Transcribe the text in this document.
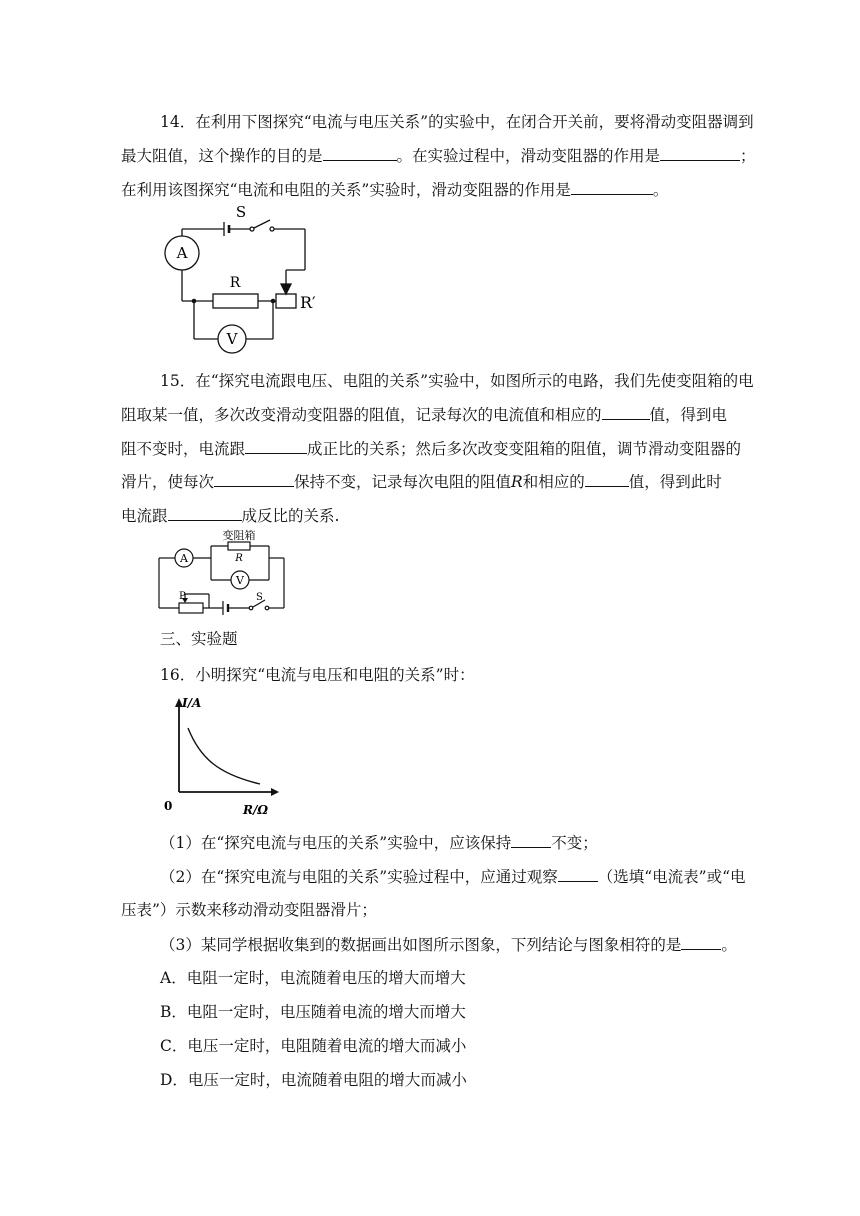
14．在利用下图探究“电流与电压关系”的实验中，在闭合开关前，要将滑动变阻器调到
最大阻值，这个操作的目的是	。在实验过程中，滑动变阻器的作用是	；
在利用该图探究“电流和电阻的关系”实验时，滑动变阻器的作用是	。
S
A
R
R′
V
15．在“探究电流跟电压、电阻的关系”实验中，如图所示的电路，我们先使变阻箱的电
阻取某一值，多次改变滑动变阻器的阻值，记录每次的电流值和相应的	值，得到电
阻不变时，电流跟	成正比的关系；然后多次改变变阻箱的阻值，调节滑动变阻器的
滑片，使每次	保持不变，记录每次电阻的阻值R和相应的	值，得到此时
电流跟	成反比的关系.
变阻箱
A	R
V
P	S
三、实验题
16．小明探究“电流与电压和电阻的关系”时：
I/A
R/Ω
0
（1）在“探究电流与电压的关系”实验中，应该保持	不变；
（2）在“探究电流与电阻的关系”实验过程中，应通过观察	（选填“电流表”或“电
压表”）示数来移动滑动变阻器滑片；
（3）某同学根据收集到的数据画出如图所示图象，下列结论与图象相符的是	。
A．电阻一定时，电流随着电压的增大而增大
B．电阻一定时，电压随着电流的增大而增大
C．电压一定时，电阻随着电流的增大而减小
D．电压一定时，电流随着电阻的增大而减小
